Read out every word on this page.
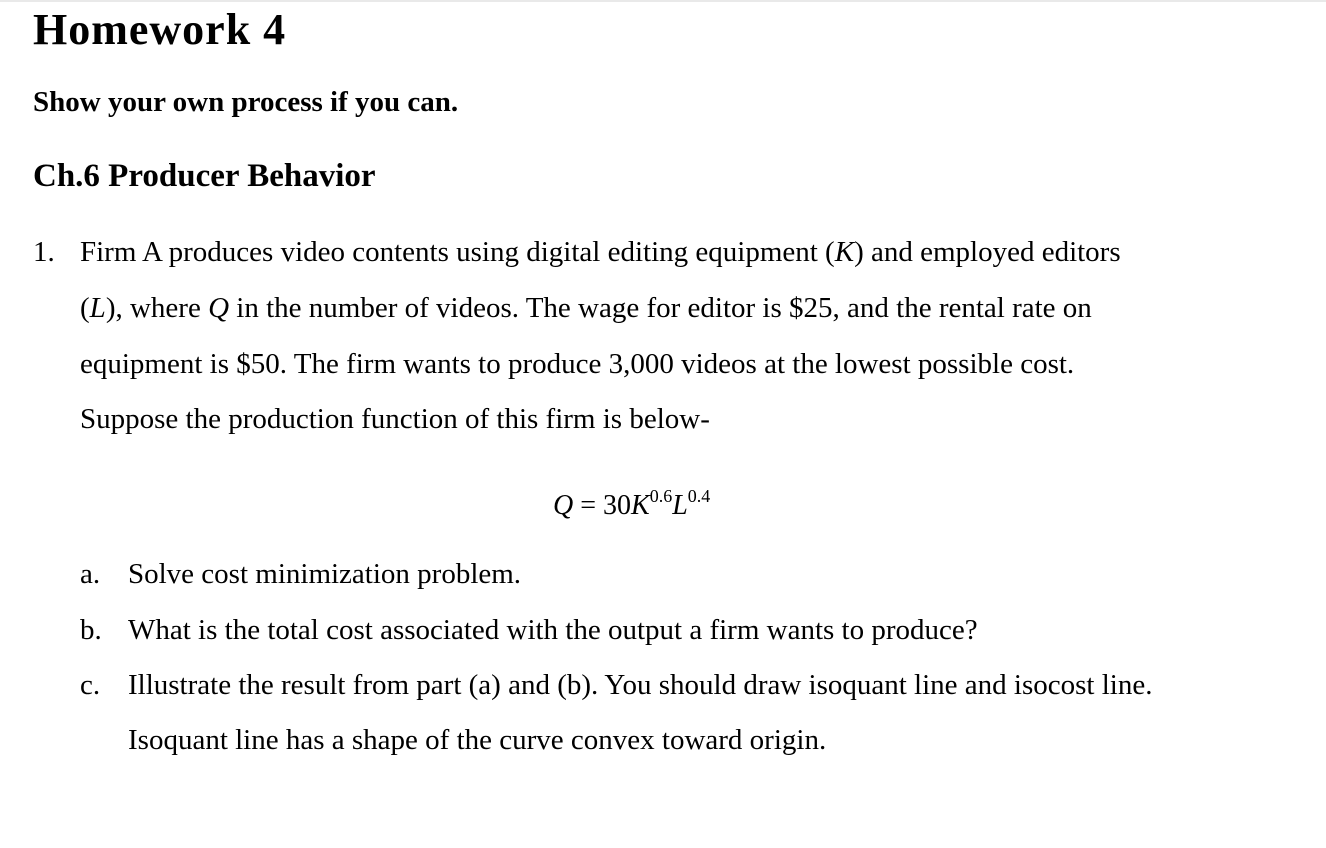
Homework 4

Show your own process if you can.

Ch.6 Producer Behavior
1. Firm A produces video contents using digital editing equipment (K) and employed editors
(L), where Q in the number of videos. The wage for editor is $25, and the rental rate on
equipment is $50. The firm wants to produce 3,000 videos at the lowest possible cost.
Suppose the production function of this firm is below-
$Q = 30K^{0.6}L^{0.4}$
a. Solve cost minimization problem.
b. What is the total cost associated with the output a firm wants to produce?
c. Illustrate the result from part (a) and (b). You should draw isoquant line and isocost line.
Isoquant line has a shape of the curve convex toward origin.
